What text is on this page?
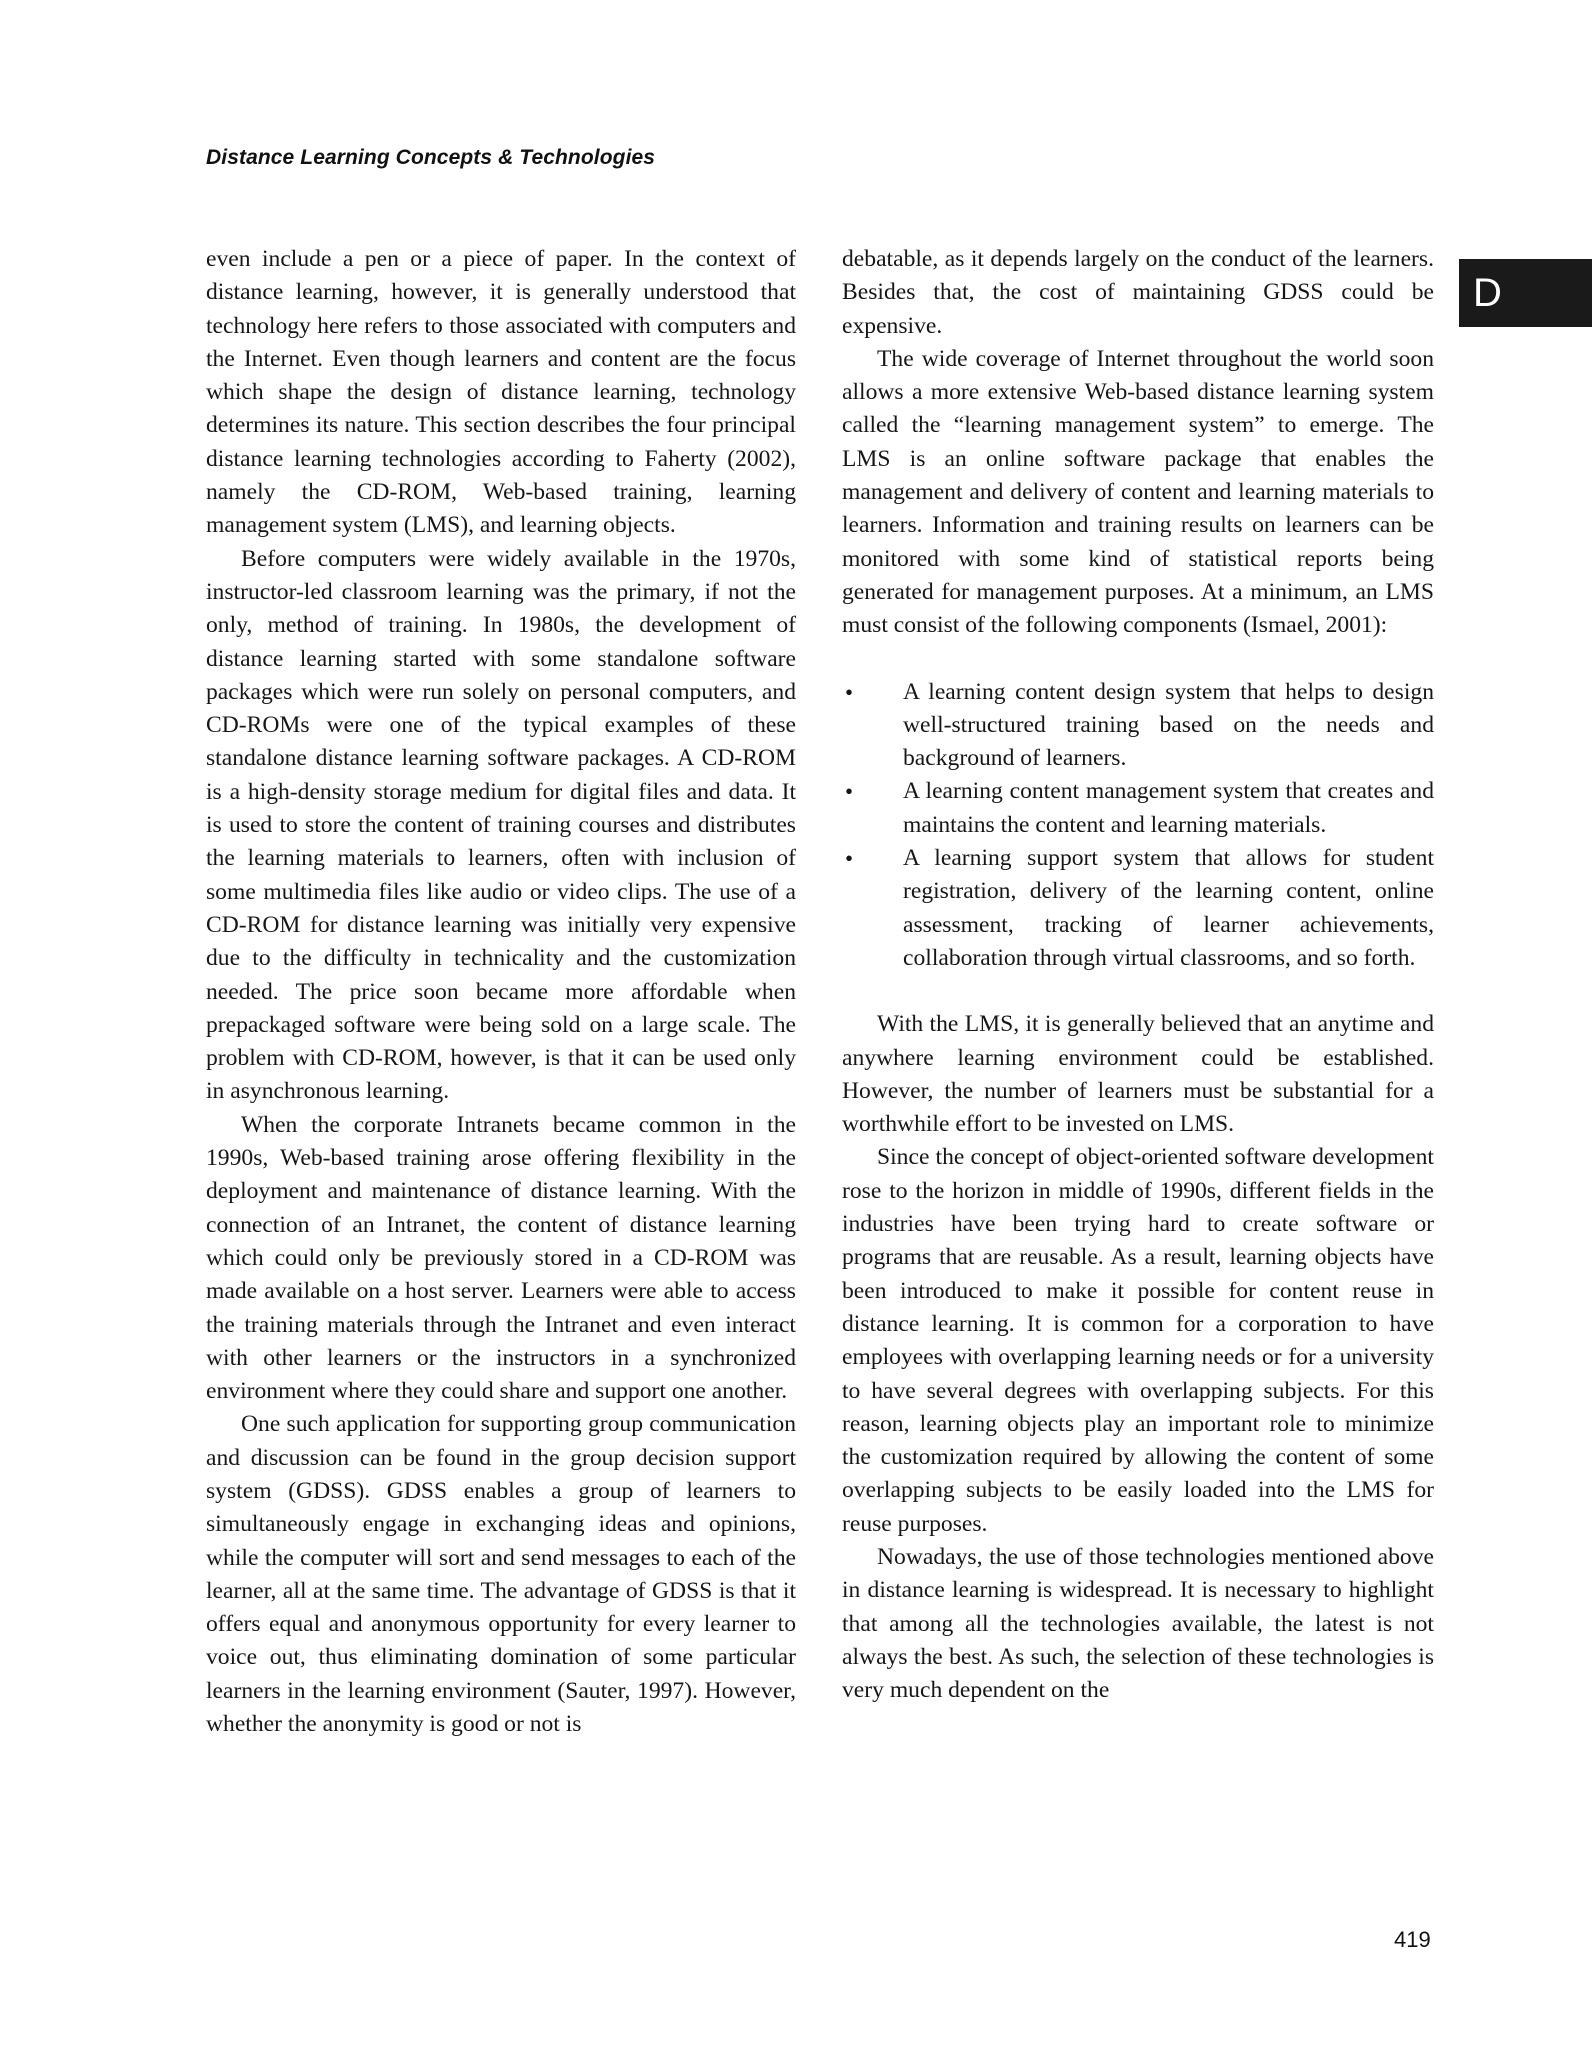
Distance Learning Concepts & Technologies
D

even include a pen or a piece of paper. In the context of distance learning, however, it is generally understood that technology here refers to those associated with computers and the Internet. Even though learners and content are the focus which shape the design of distance learning, technology determines its nature. This section describes the four principal distance learning technologies according to Faherty (2002), namely the CD-ROM, Web-based training, learning management system (LMS), and learning objects.

Before computers were widely available in the 1970s, instructor-led classroom learning was the primary, if not the only, method of training. In 1980s, the development of distance learning started with some standalone software packages which were run solely on personal computers, and CD-ROMs were one of the typical examples of these standalone distance learning software packages. A CD-ROM is a high-density storage medium for digital files and data. It is used to store the content of training courses and distributes the learning materials to learners, often with inclusion of some multimedia files like audio or video clips. The use of a CD-ROM for distance learning was initially very expensive due to the difficulty in technicality and the customization needed. The price soon became more affordable when prepackaged software were being sold on a large scale. The problem with CD-ROM, however, is that it can be used only in asynchronous learning.

When the corporate Intranets became common in the 1990s, Web-based training arose offering flexibility in the deployment and maintenance of distance learning. With the connection of an Intranet, the content of distance learning which could only be previously stored in a CD-ROM was made available on a host server. Learners were able to access the training materials through the Intranet and even interact with other learners or the instructors in a synchronized environment where they could share and support one another.

One such application for supporting group communication and discussion can be found in the group decision support system (GDSS). GDSS enables a group of learners to simultaneously engage in exchanging ideas and opinions, while the computer will sort and send messages to each of the learner, all at the same time. The advantage of GDSS is that it offers equal and anonymous opportunity for every learner to voice out, thus eliminating domination of some particular learners in the learning environment (Sauter, 1997). However, whether the anonymity is good or not is

debatable, as it depends largely on the conduct of the learners. Besides that, the cost of maintaining GDSS could be expensive.

The wide coverage of Internet throughout the world soon allows a more extensive Web-based distance learning system called the “learning management system” to emerge. The LMS is an online software package that enables the management and delivery of content and learning materials to learners. Information and training results on learners can be monitored with some kind of statistical reports being generated for management purposes. At a minimum, an LMS must consist of the following components (Ismael, 2001):

• A learning content design system that helps to design well-structured training based on the needs and background of learners.
• A learning content management system that creates and maintains the content and learning materials.
• A learning support system that allows for student registration, delivery of the learning content, online assessment, tracking of learner achievements, collaboration through virtual classrooms, and so forth.

With the LMS, it is generally believed that an anytime and anywhere learning environment could be established. However, the number of learners must be substantial for a worthwhile effort to be invested on LMS.

Since the concept of object-oriented software development rose to the horizon in middle of 1990s, different fields in the industries have been trying hard to create software or programs that are reusable. As a result, learning objects have been introduced to make it possible for content reuse in distance learning. It is common for a corporation to have employees with overlapping learning needs or for a university to have several degrees with overlapping subjects. For this reason, learning objects play an important role to minimize the customization required by allowing the content of some overlapping subjects to be easily loaded into the LMS for reuse purposes.

Nowadays, the use of those technologies mentioned above in distance learning is widespread. It is necessary to highlight that among all the technologies available, the latest is not always the best. As such, the selection of these technologies is very much dependent on the

419
